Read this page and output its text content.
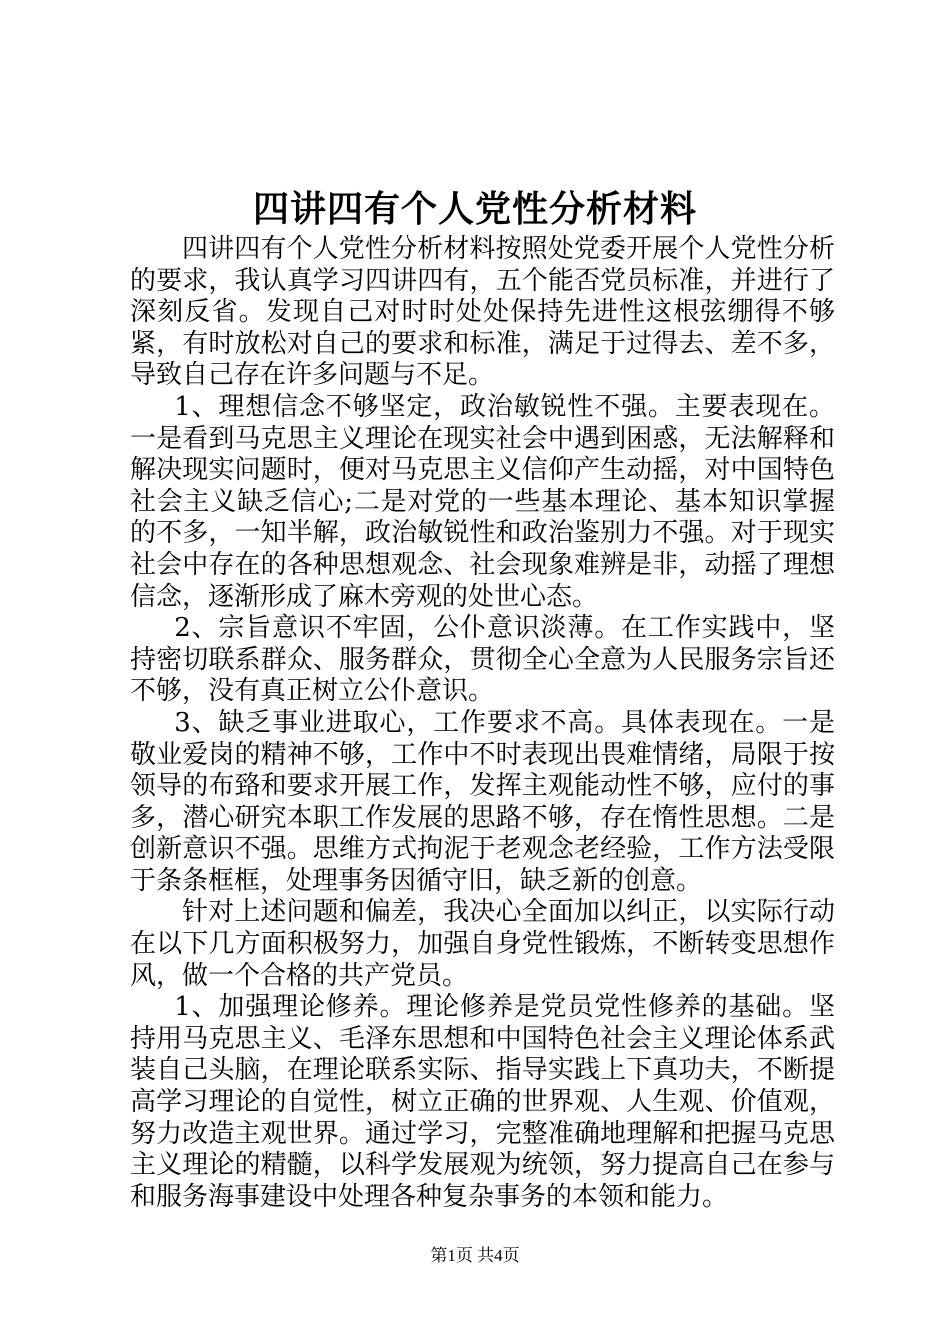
四讲四有个人党性分析材料

四讲四有个人党性分析材料按照处党委开展个人党性分析的要求，我认真学习四讲四有，五个能否党员标准，并进行了深刻反省。发现自己对时时处处保持先进性这根弦绷得不够紧，有时放松对自己的要求和标准，满足于过得去、差不多，导致自己存在许多问题与不足。

1、理想信念不够坚定，政治敏锐性不强。主要表现在。一是看到马克思主义理论在现实社会中遇到困惑，无法解释和解决现实问题时，便对马克思主义信仰产生动摇，对中国特色社会主义缺乏信心;二是对党的一些基本理论、基本知识掌握的不多，一知半解，政治敏锐性和政治鉴别力不强。对于现实社会中存在的各种思想观念、社会现象难辨是非，动摇了理想信念，逐渐形成了麻木旁观的处世心态。

2、宗旨意识不牢固，公仆意识淡薄。在工作实践中，坚持密切联系群众、服务群众，贯彻全心全意为人民服务宗旨还不够，没有真正树立公仆意识。

3、缺乏事业进取心，工作要求不高。具体表现在。一是敬业爱岗的精神不够，工作中不时表现出畏难情绪，局限于按领导的布臵和要求开展工作，发挥主观能动性不够，应付的事多，潜心研究本职工作发展的思路不够，存在惰性思想。二是创新意识不强。思维方式拘泥于老观念老经验，工作方法受限于条条框框，处理事务因循守旧，缺乏新的创意。

针对上述问题和偏差，我决心全面加以纠正，以实际行动在以下几方面积极努力，加强自身党性锻炼，不断转变思想作风，做一个合格的共产党员。

1、加强理论修养。理论修养是党员党性修养的基础。坚持用马克思主义、毛泽东思想和中国特色社会主义理论体系武装自己头脑，在理论联系实际、指导实践上下真功夫，不断提高学习理论的自觉性，树立正确的世界观、人生观、价值观，努力改造主观世界。通过学习，完整准确地理解和把握马克思主义理论的精髓，以科学发展观为统领，努力提高自己在参与和服务海事建设中处理各种复杂事务的本领和能力。

第1页 共4页
